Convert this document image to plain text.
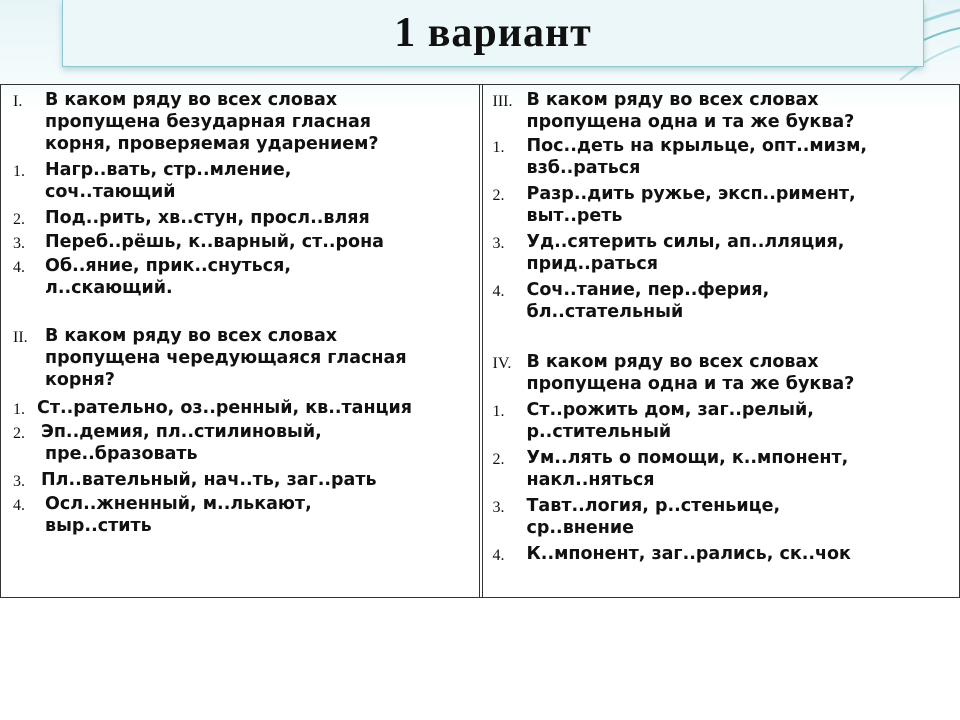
1 вариант
I. В каком ряду во всех словах
пропущена безударная гласная
корня, проверяемая ударением?
1. Нагр..вать, стр..мление,
соч..тающий
2. Под..рить, хв..стун, просл..вляя
3. Переб..рёшь, к..варный, ст..рона
4. Об..яние, прик..снуться,
л..скающий.
II. В каком ряду во всех словах
пропущена чередующаяся гласная
корня?
1. Ст..рательно, оз..ренный, кв..танция
2. Эп..демия, пл..стилиновый,
пре..бразовать
3. Пл..вательный, нач..ть, заг..рать
4. Осл..жненный, м..лькают,
выр..стить
III. В каком ряду во всех словах
пропущена одна и та же буква?
1. Пос..деть на крыльце, опт..мизм,
взб..раться
2. Разр..дить ружье, эксп..римент,
выт..реть
3. Уд..сятерить силы, ап..лляция,
прид..раться
4. Соч..тание, пер..ферия,
бл..стательный
IV. В каком ряду во всех словах
пропущена одна и та же буква?
1. Ст..рожить дом, заг..релый,
р..стительный
2. Ум..лять о помощи, к..мпонент,
накл..няться
3. Тавт..логия, р..стеньице,
ср..внение
4. К..мпонент, заг..рались, ск..чок
